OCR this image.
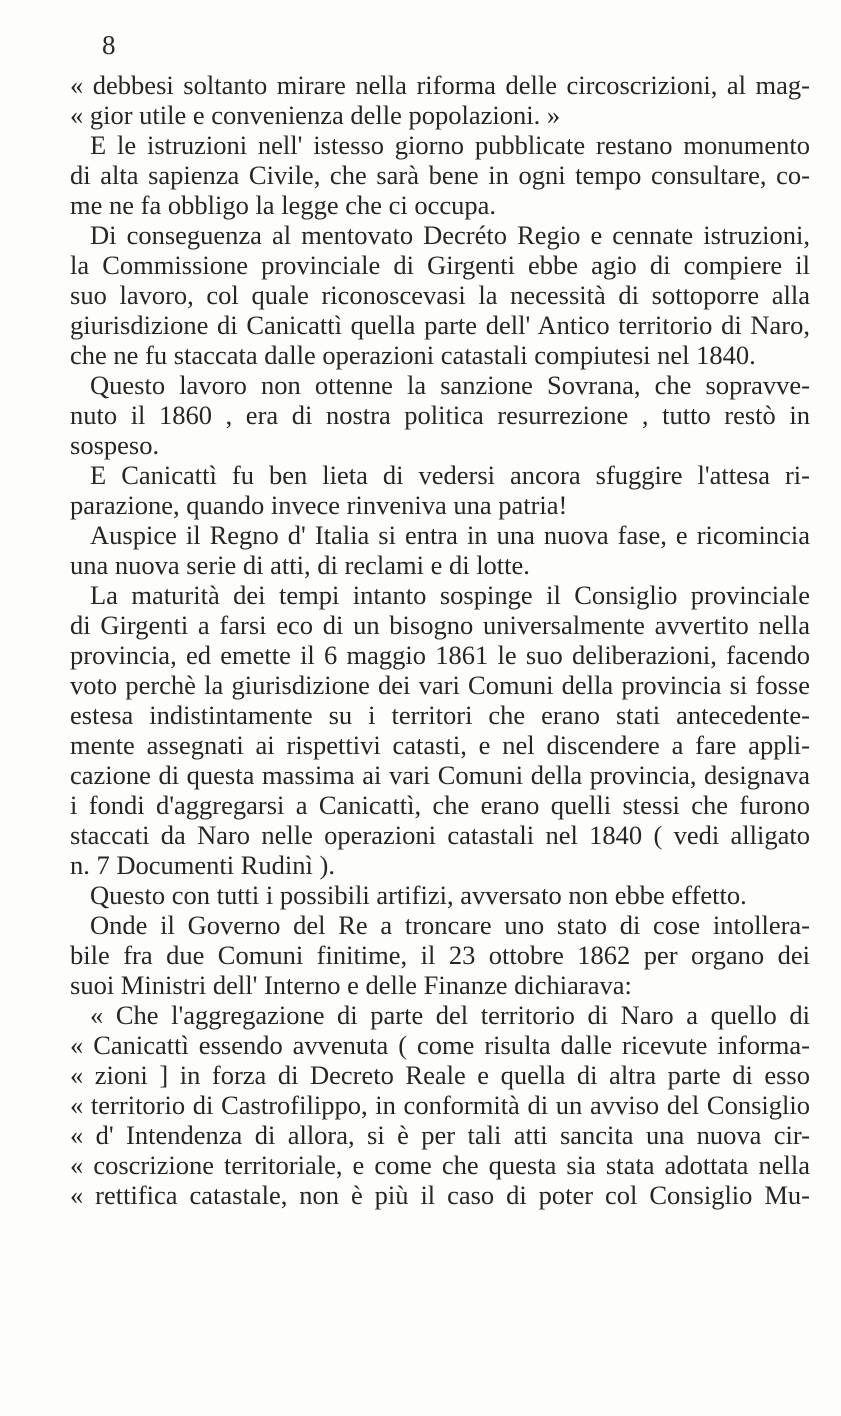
8
« debbesi soltanto mirare nella riforma delle circoscrizioni, al mag-
« gior utile e convenienza delle popolazioni. »
E le istruzioni nell' istesso giorno pubblicate restano monumento
di alta sapienza Civile, che sarà bene in ogni tempo consultare, co-
me ne fa obbligo la legge che ci occupa.
Di conseguenza al mentovato Decréto Regio e cennate istruzioni,
la Commissione provinciale di Girgenti ebbe agio di compiere il
suo lavoro, col quale riconoscevasi la necessità di sottoporre alla
giurisdizione di Canicattì quella parte dell' Antico territorio di Naro,
che ne fu staccata dalle operazioni catastali compiutesi nel 1840.
Questo lavoro non ottenne la sanzione Sovrana, che sopravve-
nuto il 1860 , era di nostra politica resurrezione , tutto restò in
sospeso.
E Canicattì fu ben lieta di vedersi ancora sfuggire l'attesa ri-
parazione, quando invece rinveniva una patria!
Auspice il Regno d' Italia si entra in una nuova fase, e ricomincia
una nuova serie di atti, di reclami e di lotte.
La maturità dei tempi intanto sospinge il Consiglio provinciale
di Girgenti a farsi eco di un bisogno universalmente avvertito nella
provincia, ed emette il 6 maggio 1861 le suo deliberazioni, facendo
voto perchè la giurisdizione dei vari Comuni della provincia si fosse
estesa indistintamente su i territori che erano stati antecedente-
mente assegnati ai rispettivi catasti, e nel discendere a fare appli-
cazione di questa massima ai vari Comuni della provincia, designava
i fondi d'aggregarsi a Canicattì, che erano quelli stessi che furono
staccati da Naro nelle operazioni catastali nel 1840 ( vedi alligato
n. 7 Documenti Rudinì ).
Questo con tutti i possibili artifizi, avversato non ebbe effetto.
Onde il Governo del Re a troncare uno stato di cose intollera-
bile fra due Comuni finitime, il 23 ottobre 1862 per organo dei
suoi Ministri dell' Interno e delle Finanze dichiarava:
« Che l'aggregazione di parte del territorio di Naro a quello di
« Canicattì essendo avvenuta ( come risulta dalle ricevute informa-
« zioni ] in forza di Decreto Reale e quella di altra parte di esso
« territorio di Castrofilippo, in conformità di un avviso del Consiglio
« d' Intendenza di allora, si è per tali atti sancita una nuova cir-
« coscrizione territoriale, e come che questa sia stata adottata nella
« rettifica catastale, non è più il caso di poter col Consiglio Mu-
